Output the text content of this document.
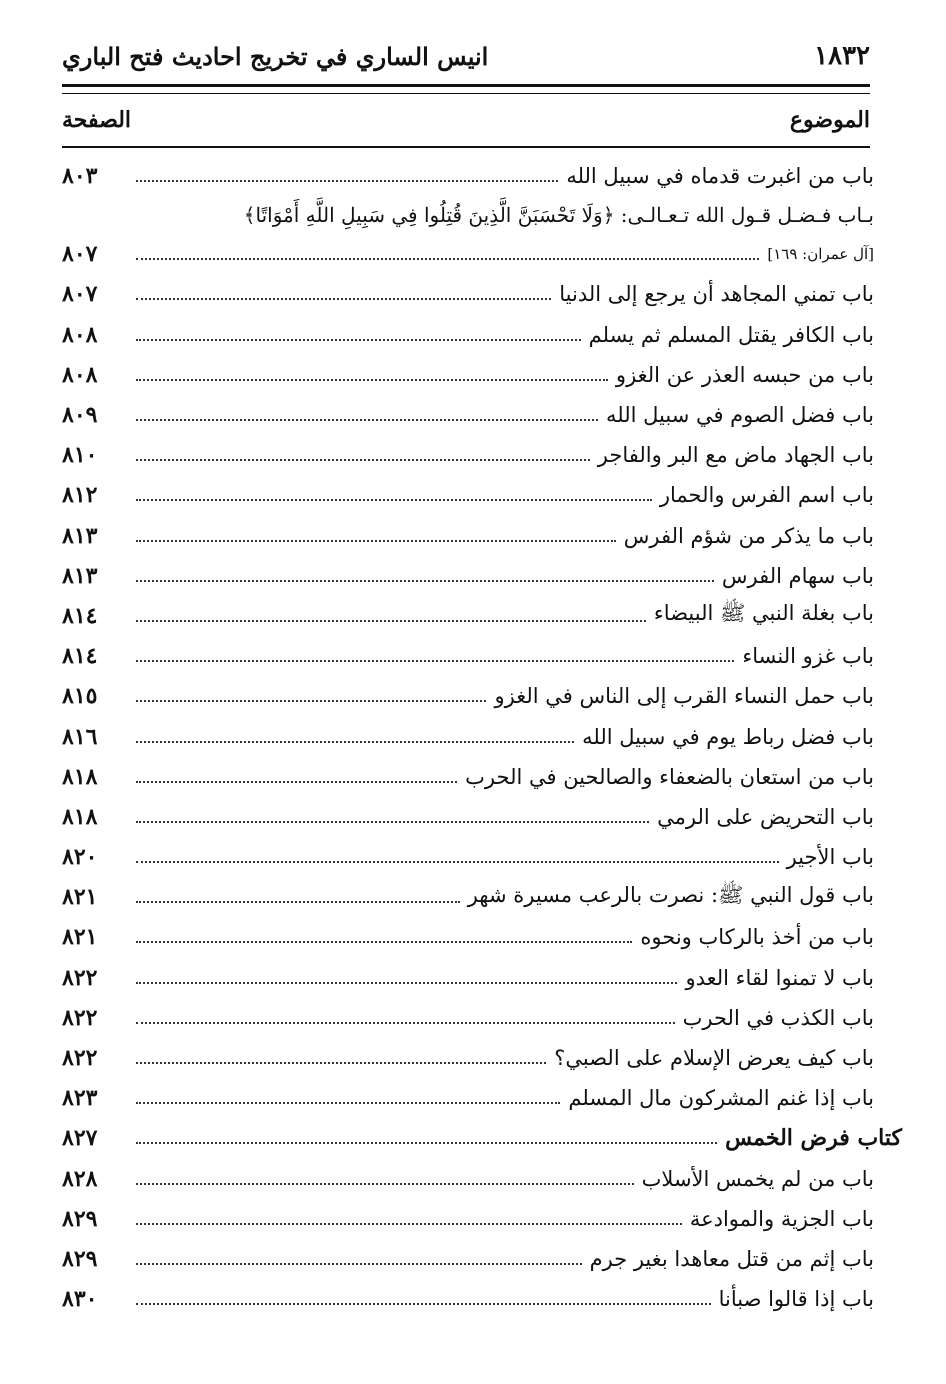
انيس الساري في تخريج احاديث فتح الباري	١٨٣٢
الصفحة	الموضوع
باب من اغبرت قدماه في سبيل الله
٨٠٣
بـاب فـضـل قـول الله تـعـالـى: ﴿وَلَا تَحْسَبَنَّ الَّذِينَ قُتِلُوا فِي سَبِيلِ اللَّهِ أَمْوَاتًا﴾
[آل عمران: ١٦٩]
٨٠٧
باب تمني المجاهد أن يرجع إلى الدنيا
٨٠٧
باب الكافر يقتل المسلم ثم يسلم
٨٠٨
باب من حبسه العذر عن الغزو
٨٠٨
باب فضل الصوم في سبيل الله
٨٠٩
باب الجهاد ماض مع البر والفاجر
٨١٠
باب اسم الفرس والحمار
٨١٢
باب ما يذكر من شؤم الفرس
٨١٣
باب سهام الفرس
٨١٣
باب بغلة النبي ﷺ البيضاء
٨١٤
باب غزو النساء
٨١٤
باب حمل النساء القرب إلى الناس في الغزو
٨١٥
باب فضل رباط يوم في سبيل الله
٨١٦
باب من استعان بالضعفاء والصالحين في الحرب
٨١٨
باب التحريض على الرمي
٨١٨
باب الأجير
٨٢٠
باب قول النبي ﷺ: نصرت بالرعب مسيرة شهر
٨٢١
باب من أخذ بالركاب ونحوه
٨٢١
باب لا تمنوا لقاء العدو
٨٢٢
باب الكذب في الحرب
٨٢٢
باب كيف يعرض الإسلام على الصبي؟
٨٢٢
باب إذا غنم المشركون مال المسلم
٨٢٣
كتاب فرض الخمس
٨٢٧
باب من لم يخمس الأسلاب
٨٢٨
باب الجزية والموادعة
٨٢٩
باب إثم من قتل معاهدا بغير جرم
٨٢٩
باب إذا قالوا صبأنا
٨٣٠
